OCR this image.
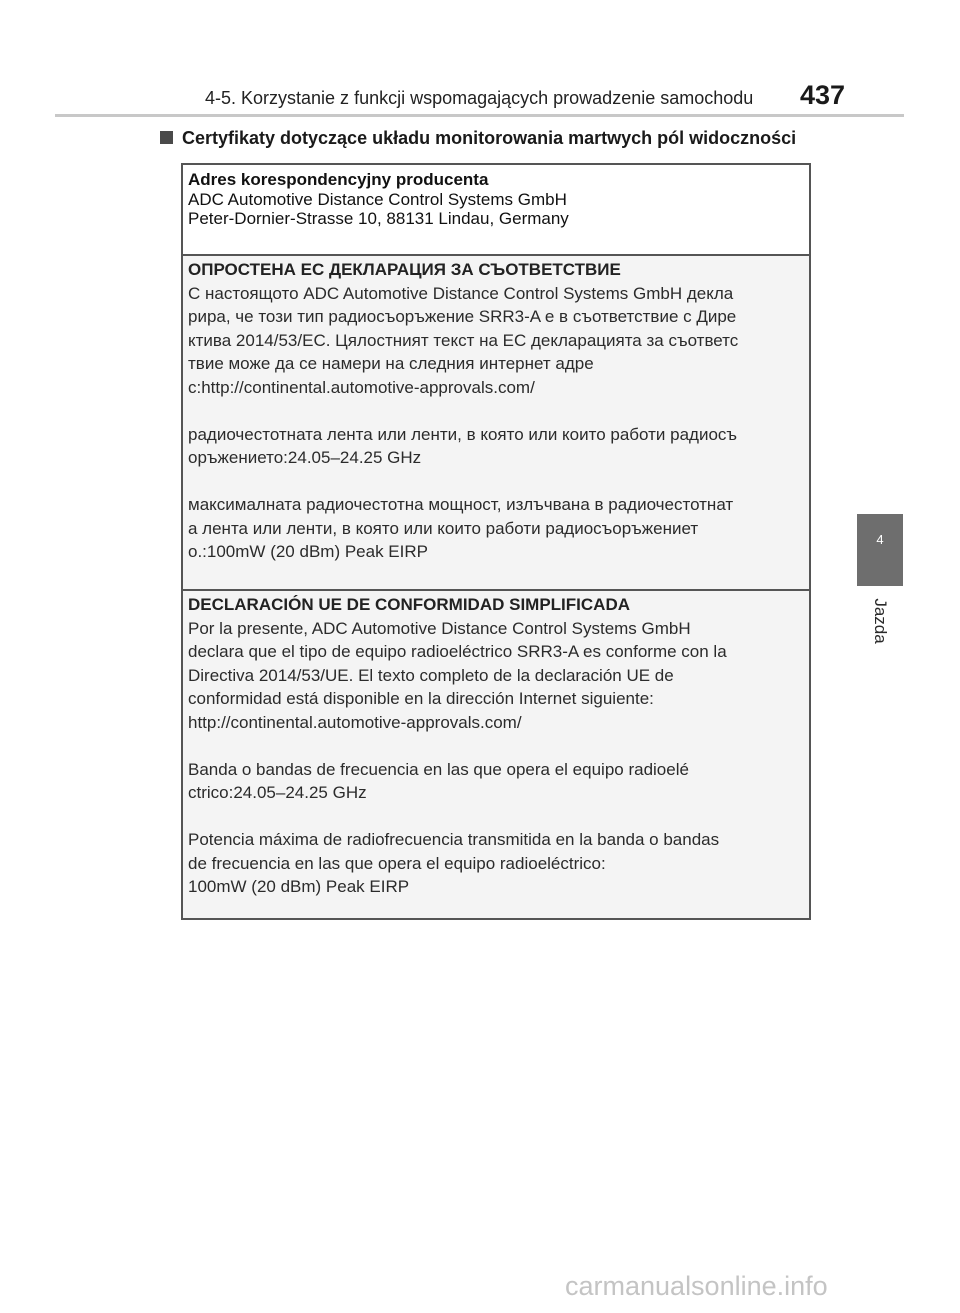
4-5. Korzystanie z funkcji wspomagających prowadzenie samochodu 437
Certyfikaty dotyczące układu monitorowania martwych pól widoczności
4
Jazda

Adres korespondencyjny producenta

ADC Automotive Distance Control Systems GmbH

Peter-Dornier-Strasse 10, 88131 Lindau, Germany

ОПРОСТЕНА ЕС ДЕКЛАРАЦИЯ ЗА СЪОТВЕТСТВИЕ

С настоящото ADC Automotive Distance Control Systems GmbH декла

рира, че този тип радиосъоръжение SRR3-A е в съответствие с Дире

ктива 2014/53/ЕС. Цялостният текст на ЕС декларацията за съответс

твие може да се намери на следния интернет адре

c:http://continental.automotive-approvals.com/

радиочестотната лента или ленти, в която или които работи радиосъ

оръжението:24.05–24.25 GHz

максималната радиочестотна мощност, излъчвана в радиочестотнат

а лента или ленти, в която или които работи радиосъоръжениет

о.:100mW (20 dBm) Peak EIRP

DECLARACIÓN UE DE CONFORMIDAD SIMPLIFICADA

Por la presente, ADC Automotive Distance Control Systems GmbH

declara que el tipo de equipo radioeléctrico SRR3-A es conforme con la

Directiva 2014/53/UE. El texto completo de la declaración UE de

conformidad está disponible en la dirección Internet siguiente:

http://continental.automotive-approvals.com/

Banda o bandas de frecuencia en las que opera el equipo radioelé

ctrico:24.05–24.25 GHz

Potencia máxima de radiofrecuencia transmitida en la banda o bandas

de frecuencia en las que opera el equipo radioeléctrico:

100mW (20 dBm) Peak EIRP

carmanualsonline.info
